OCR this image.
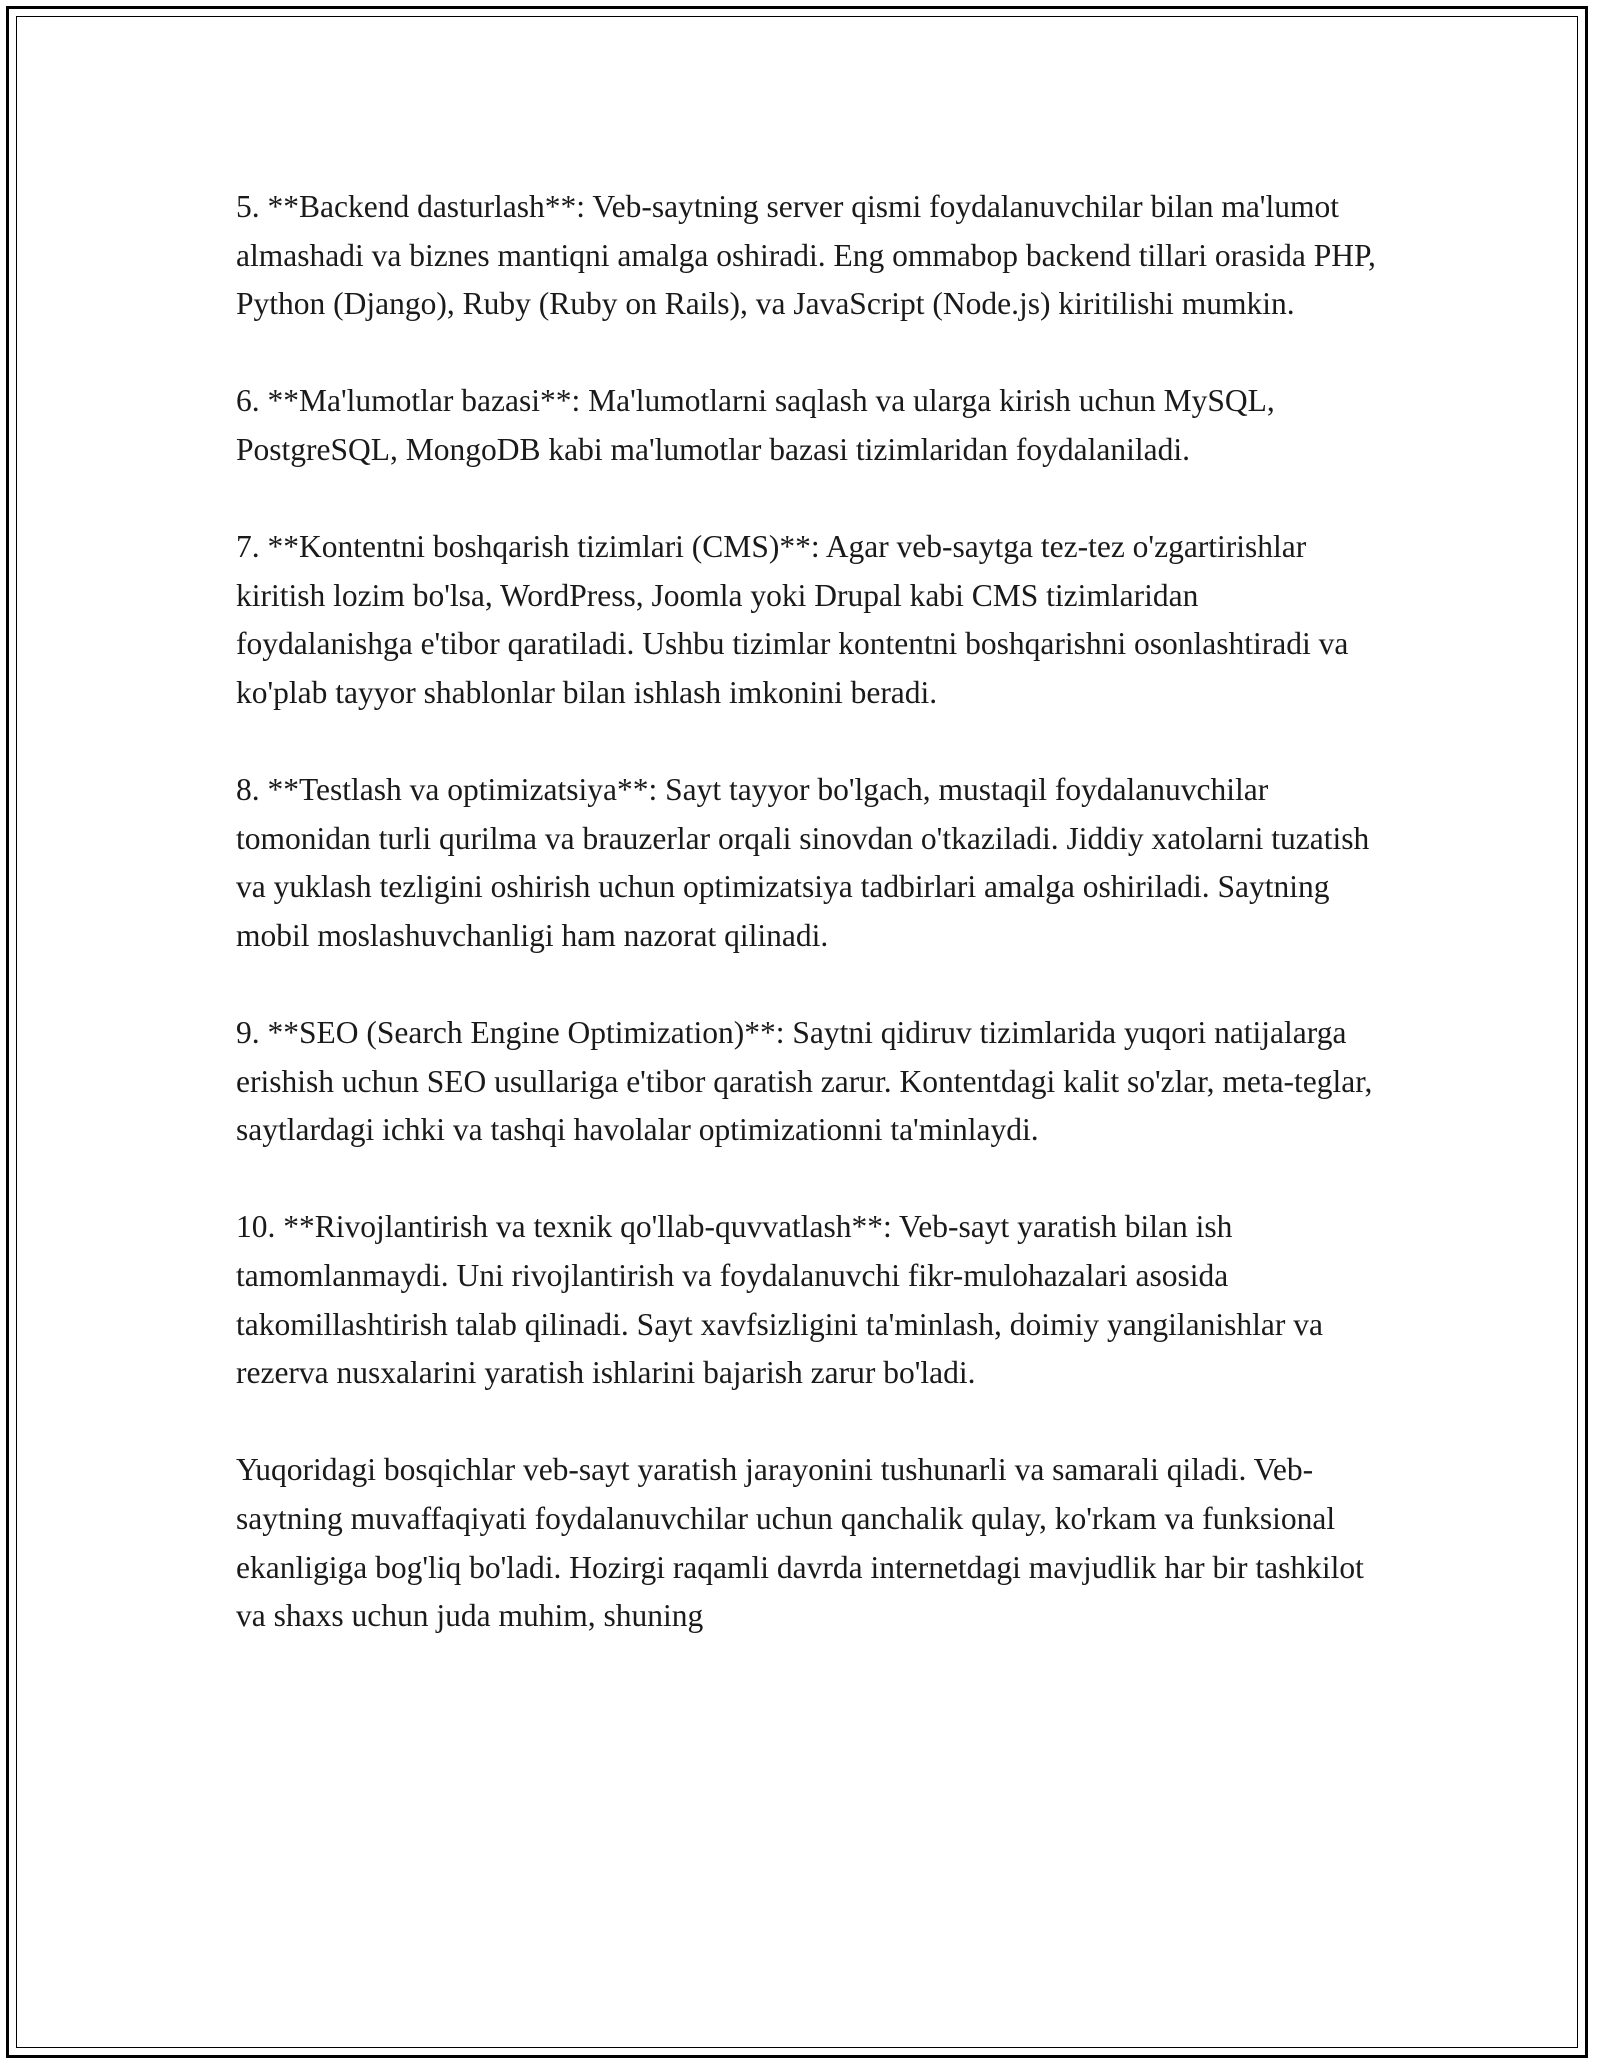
5. **Backend dasturlash**: Veb-saytning server qismi foydalanuvchilar bilan ma'lumot almashadi va biznes mantiqni amalga oshiradi. Eng ommabop backend tillari orasida PHP, Python (Django), Ruby (Ruby on Rails), va JavaScript (Node.js) kiritilishi mumkin.

6. **Ma'lumotlar bazasi**: Ma'lumotlarni saqlash va ularga kirish uchun MySQL, PostgreSQL, MongoDB kabi ma'lumotlar bazasi tizimlaridan foydalaniladi.

7. **Kontentni boshqarish tizimlari (CMS)**: Agar veb-saytga tez-tez o'zgartirishlar kiritish lozim bo'lsa, WordPress, Joomla yoki Drupal kabi CMS tizimlaridan foydalanishga e'tibor qaratiladi. Ushbu tizimlar kontentni boshqarishni osonlashtiradi va ko'plab tayyor shablonlar bilan ishlash imkonini beradi.

8. **Testlash va optimizatsiya**: Sayt tayyor bo'lgach, mustaqil foydalanuvchilar tomonidan turli qurilma va brauzerlar orqali sinovdan o'tkaziladi. Jiddiy xatolarni tuzatish va yuklash tezligini oshirish uchun optimizatsiya tadbirlari amalga oshiriladi. Saytning mobil moslashuvchanligi ham nazorat qilinadi.

9. **SEO (Search Engine Optimization)**: Saytni qidiruv tizimlarida yuqori natijalarga erishish uchun SEO usullariga e'tibor qaratish zarur. Kontentdagi kalit so'zlar, meta-teglar, saytlardagi ichki va tashqi havolalar optimizationni ta'minlaydi.

10. **Rivojlantirish va texnik qo'llab-quvvatlash**: Veb-sayt yaratish bilan ish tamomlanmaydi. Uni rivojlantirish va foydalanuvchi fikr-mulohazalari asosida takomillashtirish talab qilinadi. Sayt xavfsizligini ta'minlash, doimiy yangilanishlar va rezerva nusxalarini yaratish ishlarini bajarish zarur bo'ladi.

Yuqoridagi bosqichlar veb-sayt yaratish jarayonini tushunarli va samarali qiladi. Veb-saytning muvaffaqiyati foydalanuvchilar uchun qanchalik qulay, ko'rkam va funksional ekanligiga bog'liq bo'ladi. Hozirgi raqamli davrda internetdagi mavjudlik har bir tashkilot va shaxs uchun juda muhim, shuning
